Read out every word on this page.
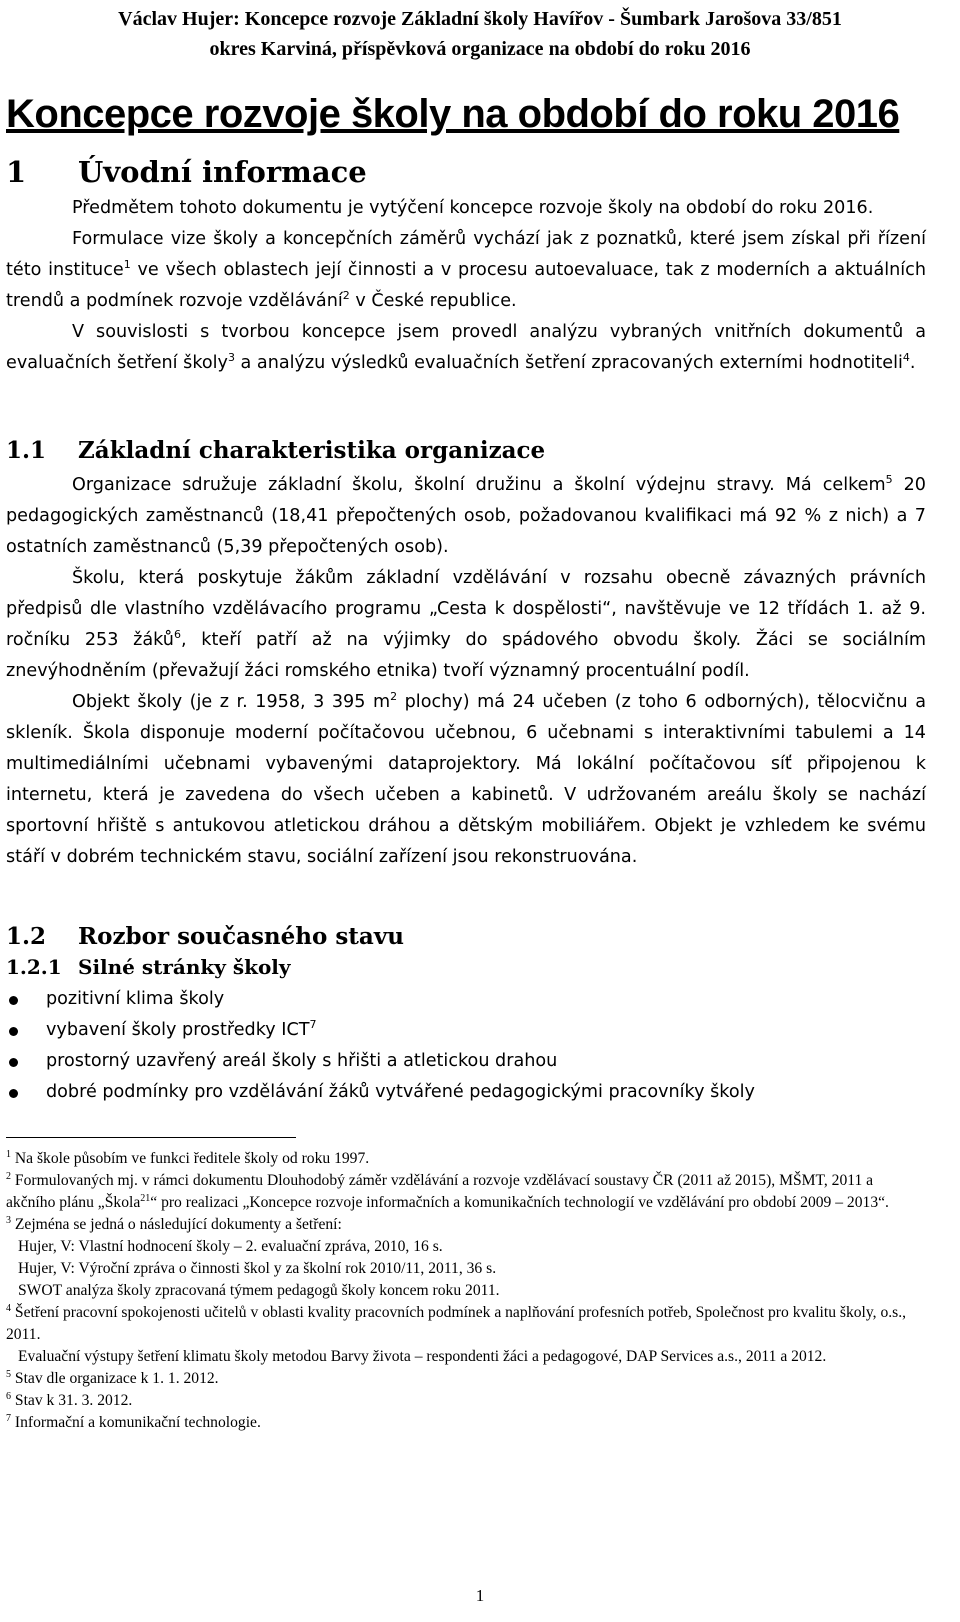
Václav Hujer: Koncepce rozvoje Základní školy Havířov - Šumbark Jarošova 33/851
okres Karviná, příspěvková organizace na období do roku 2016
Koncepce rozvoje školy na období do roku 2016
1 Úvodní informace

Předmětem tohoto dokumentu je vytýčení koncepce rozvoje školy na období do roku 2016.

Formulace vize školy a koncepčních záměrů vychází jak z poznatků, které jsem získal při řízení této instituce$^1$ ve všech oblastech její činnosti a v procesu autoevaluace, tak z moderních a aktuálních trendů a podmínek rozvoje vzdělávání$^2$ v České republice.

V souvislosti s tvorbou koncepce jsem provedl analýzu vybraných vnitřních dokumentů a evaluačních šetření školy$^3$ a analýzu výsledků evaluačních šetření zpracovaných externími hodnotiteli$^4$.

1.1 Základní charakteristika organizace

Organizace sdružuje základní školu, školní družinu a školní výdejnu stravy. Má celkem$^5$ 20 pedagogických zaměstnanců (18,41 přepočtených osob, požadovanou kvalifikaci má 92 % z nich) a 7 ostatních zaměstnanců (5,39 přepočtených osob).

Školu, která poskytuje žákům základní vzdělávání v rozsahu obecně závazných právních předpisů dle vlastního vzdělávacího programu „Cesta k dospělosti“, navštěvuje ve 12 třídách 1. až 9. ročníku 253 žáků$^6$, kteří patří až na výjimky do spádového obvodu školy. Žáci se sociálním znevýhodněním (převažují žáci romského etnika) tvoří významný procentuální podíl.

Objekt školy (je z r. 1958, 3 395 $m^2$ plochy) má 24 učeben (z toho 6 odborných), tělocvičnu a skleník. Škola disponuje moderní počítačovou učebnou, 6 učebnami s interaktivními tabulemi a 14 multimediálními učebnami vybavenými dataprojektory. Má lokální počítačovou síť připojenou k internetu, která je zavedena do všech učeben a kabinetů. V udržovaném areálu školy se nachází sportovní hřiště s antukovou atletickou dráhou a dětským mobiliářem. Objekt je vzhledem ke svému stáří v dobrém technickém stavu, sociální zařízení jsou rekonstruována.

1.2 Rozbor současného stavu
1.2.1 Silné stránky školy
pozitivní klima školy
vybavení školy prostředky ICT$^7$
prostorný uzavřený areál školy s hřišti a atletickou drahou
dobré podmínky pro vzdělávání žáků vytvářené pedagogickými pracovníky školy

$^1$ Na škole působím ve funkci ředitele školy od roku 1997.

$^2$ Formulovaných mj. v rámci dokumentu Dlouhodobý záměr vzdělávání a rozvoje vzdělávací soustavy ČR (2011 až 2015), MŠMT, 2011 a akčního plánu „Škola$^{21}$“ pro realizaci „Koncepce rozvoje informačních a komunikačních technologií ve vzdělávání pro období 2009 – 2013“.

$^3$ Zejména se jedná o následující dokumenty a šetření:

Hujer, V: Vlastní hodnocení školy – 2. evaluační zpráva, 2010, 16 s.

Hujer, V: Výroční zpráva o činnosti škol y za školní rok 2010/11, 2011, 36 s.

SWOT analýza školy zpracovaná týmem pedagogů školy koncem roku 2011.

$^4$ Šetření pracovní spokojenosti učitelů v oblasti kvality pracovních podmínek a naplňování profesních potřeb, Společnost pro kvalitu školy, o.s., 2011.

Evaluační výstupy šetření klimatu školy metodou Barvy života – respondenti žáci a pedagogové, DAP Services a.s., 2011 a 2012.

$^5$ Stav dle organizace k 1. 1. 2012.

$^6$ Stav k 31. 3. 2012.

$^7$ Informační a komunikační technologie.

1
